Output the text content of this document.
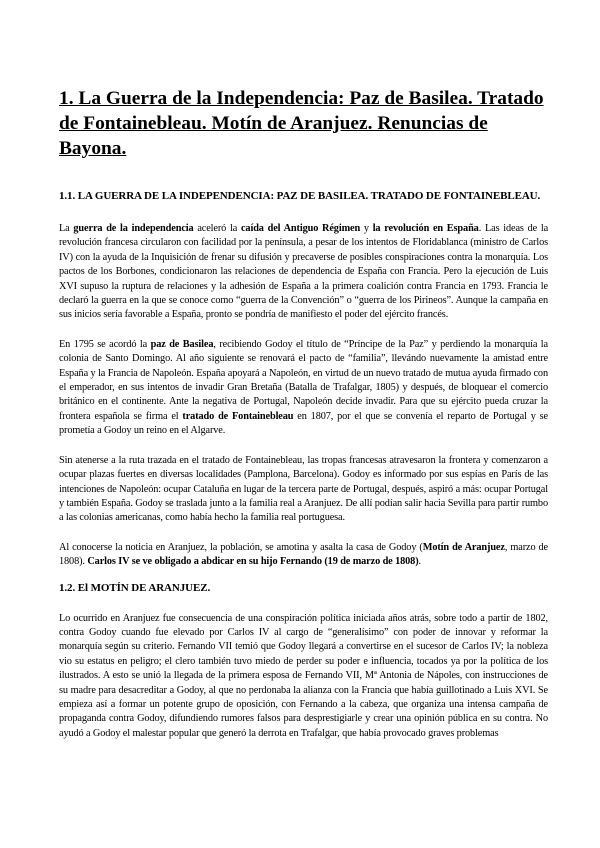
1. La Guerra de la Independencia: Paz de Basilea. Tratado de Fontainebleau. Motín de Aranjuez. Renuncias de Bayona.
1.1. LA GUERRA DE LA INDEPENDENCIA: PAZ DE BASILEA. TRATADO DE FONTAINEBLEAU.

La guerra de la independencia aceleró la caída del Antiguo Régimen y la revolución en España. Las ideas de la revolución francesa circularon con facilidad por la península, a pesar de los intentos de Floridablanca (ministro de Carlos IV) con la ayuda de la Inquisición de frenar su difusión y precaverse de posibles conspiraciones contra la monarquía. Los pactos de los Borbones, condicionaron las relaciones de dependencia de España con Francia. Pero la ejecución de Luis XVI supuso la ruptura de relaciones y la adhesión de España a la primera coalición contra Francia en 1793. Francia le declaró la guerra en la que se conoce como “guerra de la Convención” o “guerra de los Pirineos”. Aunque la campaña en sus inicios sería favorable a España, pronto se pondría de manifiesto el poder del ejército francés.

En 1795 se acordó la paz de Basilea, recibiendo Godoy el título de “Príncipe de la Paz” y perdiendo la monarquía la colonia de Santo Domingo. Al año siguiente se renovará el pacto de “familia”, llevándo nuevamente la amistad entre España y la Francia de Napoleón. España apoyará a Napoleón, en virtud de un nuevo tratado de mutua ayuda firmado con el emperador, en sus intentos de invadir Gran Bretaña (Batalla de Trafalgar, 1805) y después, de bloquear el comercio británico en el continente. Ante la negativa de Portugal, Napoleón decide invadir. Para que su ejército pueda cruzar la frontera española se firma el tratado de Fontainebleau en 1807, por el que se convenía el reparto de Portugal y se prometía a Godoy un reino en el Algarve.

Sin atenerse a la ruta trazada en el tratado de Fontainebleau, las tropas francesas atravesaron la frontera y comenzaron a ocupar plazas fuertes en diversas localidades (Pamplona, Barcelona). Godoy es informado por sus espías en París de las intenciones de Napoleón: ocupar Cataluña en lugar de la tercera parte de Portugal, después, aspiró a más: ocupar Portugal y también España. Godoy se traslada junto a la familia real a Aranjuez. De allí podían salir hacia Sevilla para partir rumbo a las colonias americanas, como había hecho la familia real portuguesa.

Al conocerse la noticia en Aranjuez, la población, se amotina y asalta la casa de Godoy (Motín de Aranjuez, marzo de 1808). Carlos IV se ve obligado a abdicar en su hijo Fernando (19 de marzo de 1808).

1.2. El MOTÍN DE ARANJUEZ.

Lo ocurrido en Aranjuez fue consecuencia de una conspiración política iniciada años atrás, sobre todo a partir de 1802, contra Godoy cuando fue elevado por Carlos IV al cargo de “generalísimo” con poder de innovar y reformar la monarquía según su criterio. Fernando VII temió que Godoy llegará a convertirse en el sucesor de Carlos IV; la nobleza vio su estatus en peligro; el clero también tuvo miedo de perder su poder e influencia, tocados ya por la política de los ilustrados. A esto se unió la llegada de la primera esposa de Fernando VII, Mª Antonia de Nápoles, con instrucciones de su madre para desacreditar a Godoy, al que no perdonaba la alianza con la Francia que había guillotinado a Luis XVI. Se empieza así a formar un potente grupo de oposición, con Fernando a la cabeza, que organiza una intensa campaña de propaganda contra Godoy, difundiendo rumores falsos para desprestigiarle y crear una opinión pública en su contra. No ayudó a Godoy el malestar popular que generó la derrota en Trafalgar, que había provocado graves problemas
